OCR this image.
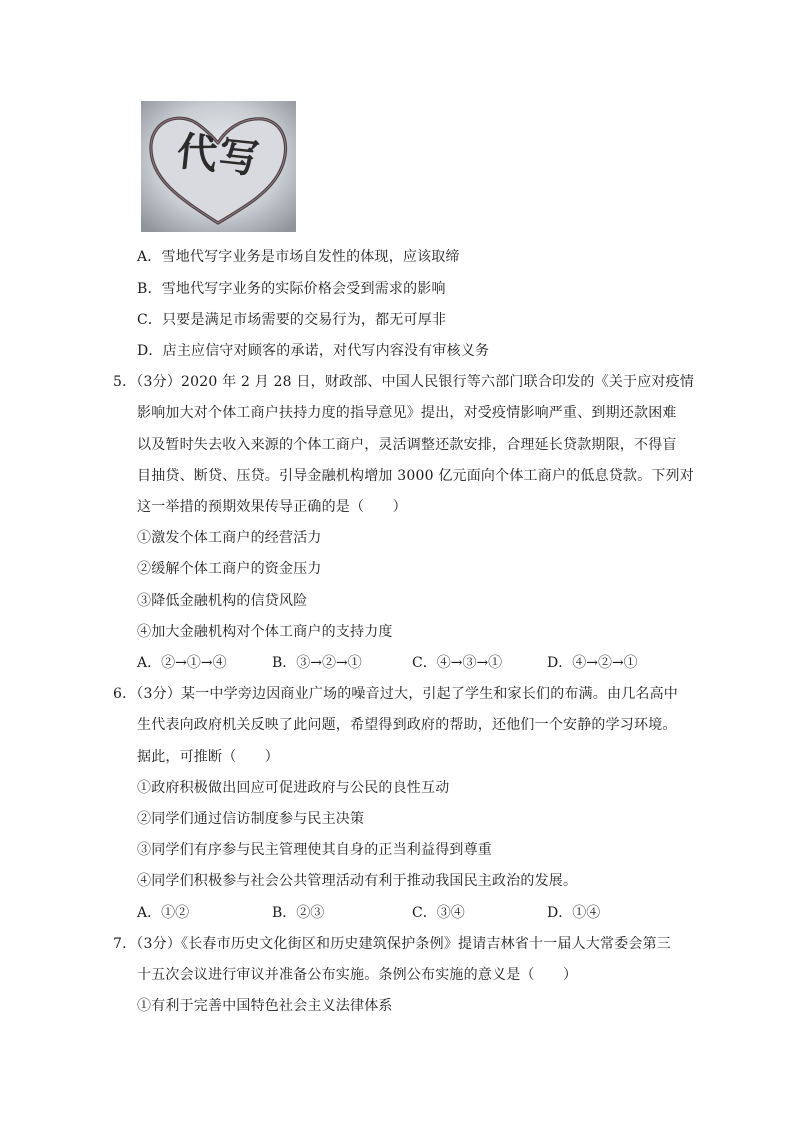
代写
A．雪地代写字业务是市场自发性的体现，应该取缔
B．雪地代写字业务的实际价格会受到需求的影响
C．只要是满足市场需要的交易行为，都无可厚非
D．店主应信守对顾客的承诺，对代写内容没有审核义务
5．（3分）2020 年 2 月 28 日，财政部、中国人民银行等六部门联合印发的《关于应对疫情
影响加大对个体工商户扶持力度的指导意见》提出，对受疫情影响严重、到期还款困难
以及暂时失去收入来源的个体工商户，灵活调整还款安排，合理延长贷款期限，不得盲
目抽贷、断贷、压贷。引导金融机构增加 3000 亿元面向个体工商户的低息贷款。下列对
这一举措的预期效果传导正确的是（　　）
①激发个体工商户的经营活力
②缓解个体工商户的资金压力
③降低金融机构的信贷风险
④加大金融机构对个体工商户的支持力度
A．②→①→④	B．③→②→①	C．④→③→①	D．④→②→①
6．（3分）某一中学旁边因商业广场的噪音过大，引起了学生和家长们的布满。由几名高中
生代表向政府机关反映了此问题，希望得到政府的帮助，还他们一个安静的学习环境。
据此，可推断（　　）
①政府积极做出回应可促进政府与公民的良性互动
②同学们通过信访制度参与民主决策
③同学们有序参与民主管理使其自身的正当利益得到尊重
④同学们积极参与社会公共管理活动有利于推动我国民主政治的发展。
A．①②	B．②③	C．③④	D．①④
7．（3分）《长春市历史文化街区和历史建筑保护条例》提请吉林省十一届人大常委会第三
十五次会议进行审议并准备公布实施。条例公布实施的意义是（　　）
①有利于完善中国特色社会主义法律体系
